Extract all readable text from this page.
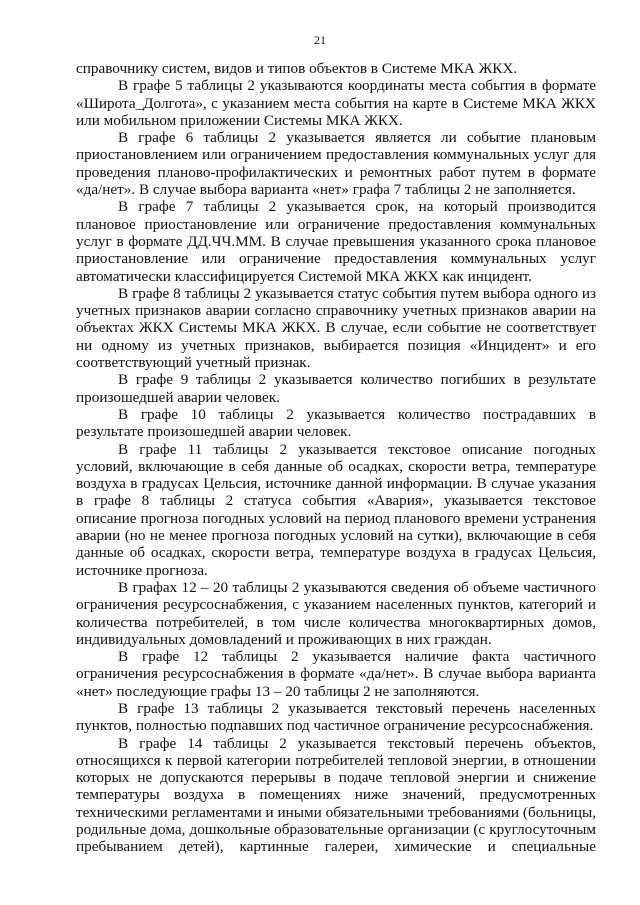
21

справочнику систем, видов и типов объектов в Системе МКА ЖКХ.

В графе 5 таблицы 2 указываются координаты места события в формате «Широта_Долгота», с указанием места события на карте в Системе МКА ЖКХ или мобильном приложении Системы МКА ЖКХ.

В графе 6 таблицы 2 указывается является ли событие плановым приостановлением или ограничением предоставления коммунальных услуг для проведения планово-профилактических и ремонтных работ путем в формате «да/нет». В случае выбора варианта «нет» графа 7 таблицы 2 не заполняется.

В графе 7 таблицы 2 указывается срок, на который производится плановое приостановление или ограничение предоставления коммунальных услуг в формате ДД.ЧЧ.ММ. В случае превышения указанного срока плановое приостановление или ограничение предоставления коммунальных услуг автоматически классифицируется Системой МКА ЖКХ как инцидент.

В графе 8 таблицы 2 указывается статус события путем выбора одного из учетных признаков аварии согласно справочнику учетных признаков аварии на объектах ЖКХ Системы МКА ЖКХ. В случае, если событие не соответствует ни одному из учетных признаков, выбирается позиция «Инцидент» и его соответствующий учетный признак.

В графе 9 таблицы 2 указывается количество погибших в результате произошедшей аварии человек.

В графе 10 таблицы 2 указывается количество пострадавших в результате произошедшей аварии человек.

В графе 11 таблицы 2 указывается текстовое описание погодных условий, включающие в себя данные об осадках, скорости ветра, температуре воздуха в градусах Цельсия, источнике данной информации. В случае указания в графе 8 таблицы 2 статуса события «Авария», указывается текстовое описание прогноза погодных условий на период планового времени устранения аварии (но не менее прогноза погодных условий на сутки), включающие в себя данные об осадках, скорости ветра, температуре воздуха в градусах Цельсия, источнике прогноза.

В графах 12 – 20 таблицы 2 указываются сведения об объеме частичного ограничения ресурсоснабжения, с указанием населенных пунктов, категорий и количества потребителей, в том числе количества многоквартирных домов, индивидуальных домовладений и проживающих в них граждан.

В графе 12 таблицы 2 указывается наличие факта частичного ограничения ресурсоснабжения в формате «да/нет». В случае выбора варианта «нет» последующие графы 13 – 20 таблицы 2 не заполняются.

В графе 13 таблицы 2 указывается текстовый перечень населенных пунктов, полностью подпавших под частичное ограничение ресурсоснабжения.

В графе 14 таблицы 2 указывается текстовый перечень объектов, относящихся к первой категории потребителей тепловой энергии, в отношении которых не допускаются перерывы в подаче тепловой энергии и снижение температуры воздуха в помещениях ниже значений, предусмотренных техническими регламентами и иными обязательными требованиями (больницы, родильные дома, дошкольные образовательные организации (с круглосуточным пребыванием детей), картинные галереи, химические и специальные
